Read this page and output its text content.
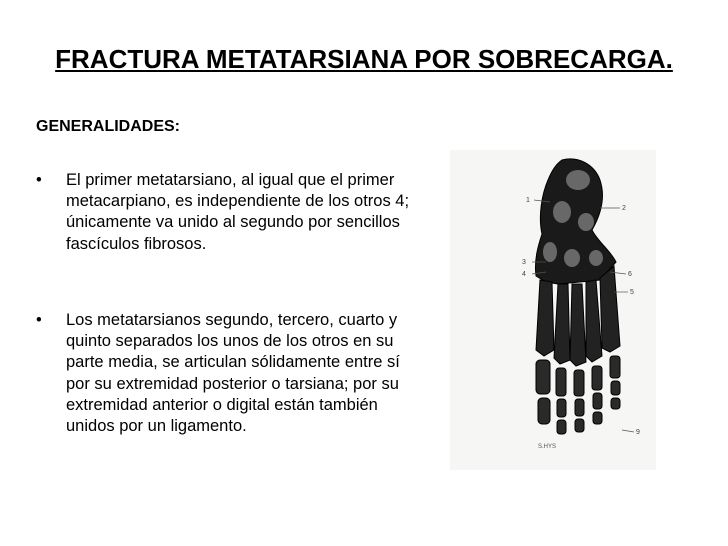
FRACTURA METATARSIANA POR SOBRECARGA.
GENERALIDADES:
•	El primer metatarsiano, al igual que el primer metacarpiano, es independiente de los otros 4; únicamente va unido al segundo por sencillos fascículos fibrosos.
•	Los metatarsianos segundo, tercero, cuarto y quinto separados los unos de los otros en su parte media, se articulan sólidamente entre sí por su extremidad posterior o tarsiana; por su extremidad anterior o digital están también unidos por un ligamento.
1
2
3
4	6
5
9
S.HYS
